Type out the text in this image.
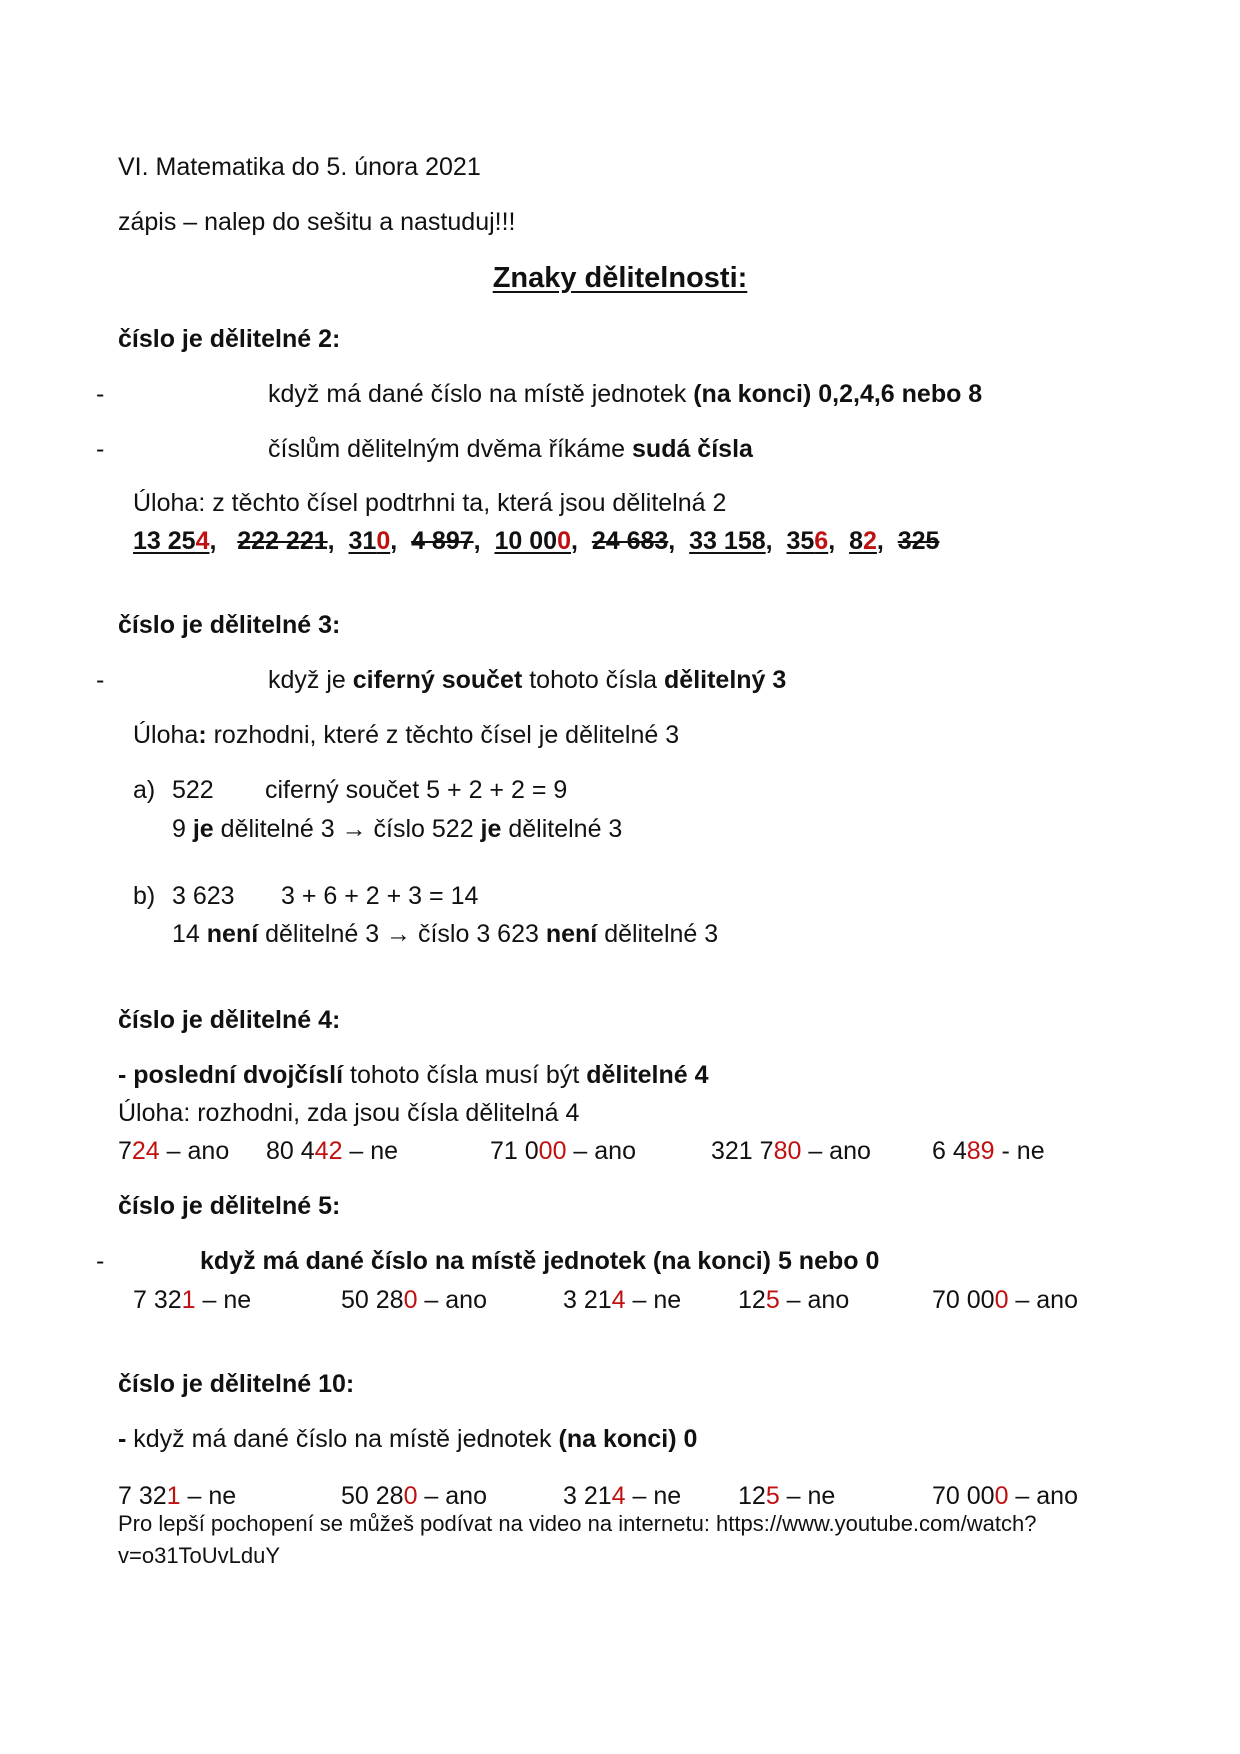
VI. Matematika do 5. února 2021
zápis – nalep do sešitu a nastuduj!!!
Znaky dělitelnosti:
číslo je dělitelné 2:
-	když má dané číslo na místě jednotek (na konci) 0,2,4,6 nebo 8
-	číslům dělitelným dvěma říkáme sudá čísla
Úloha: z těchto čísel podtrhni ta, která jsou dělitelná 2
13 254, 222 221, 310, 4 897, 10 000, 24 683, 33 158, 356, 82, 325
číslo je dělitelné 3:
-	když je ciferný součet tohoto čísla dělitelný 3
Úloha: rozhodni, které z těchto čísel je dělitelné 3
a) 522 ciferný součet 5 + 2 + 2 = 9
9 je dělitelné 3 → číslo 522 je dělitelné 3
b) 3 623 3 + 6 + 2 + 3 = 14
14 není dělitelné 3 → číslo 3 623 není dělitelné 3
číslo je dělitelné 4:
- poslední dvojčíslí tohoto čísla musí být dělitelné 4
Úloha: rozhodni, zda jsou čísla dělitelná 4
724 – ano 80 442 – ne	71 000 – ano	321 780 – ano 6 489 - ne
číslo je dělitelné 5:
-	když má dané číslo na místě jednotek (na konci) 5 nebo 0
7 321 – ne	50 280 – ano	3 214 – ne 125 – ano	70 000 – ano
číslo je dělitelné 10:
- když má dané číslo na místě jednotek (na konci) 0
7 321 – ne	50 280 – ano	3 214 – ne 125 – ne	70 000 – ano
Pro lepší pochopení se můžeš podívat na video na internetu: https://www.youtube.com/watch?
v=o31ToUvLduY
